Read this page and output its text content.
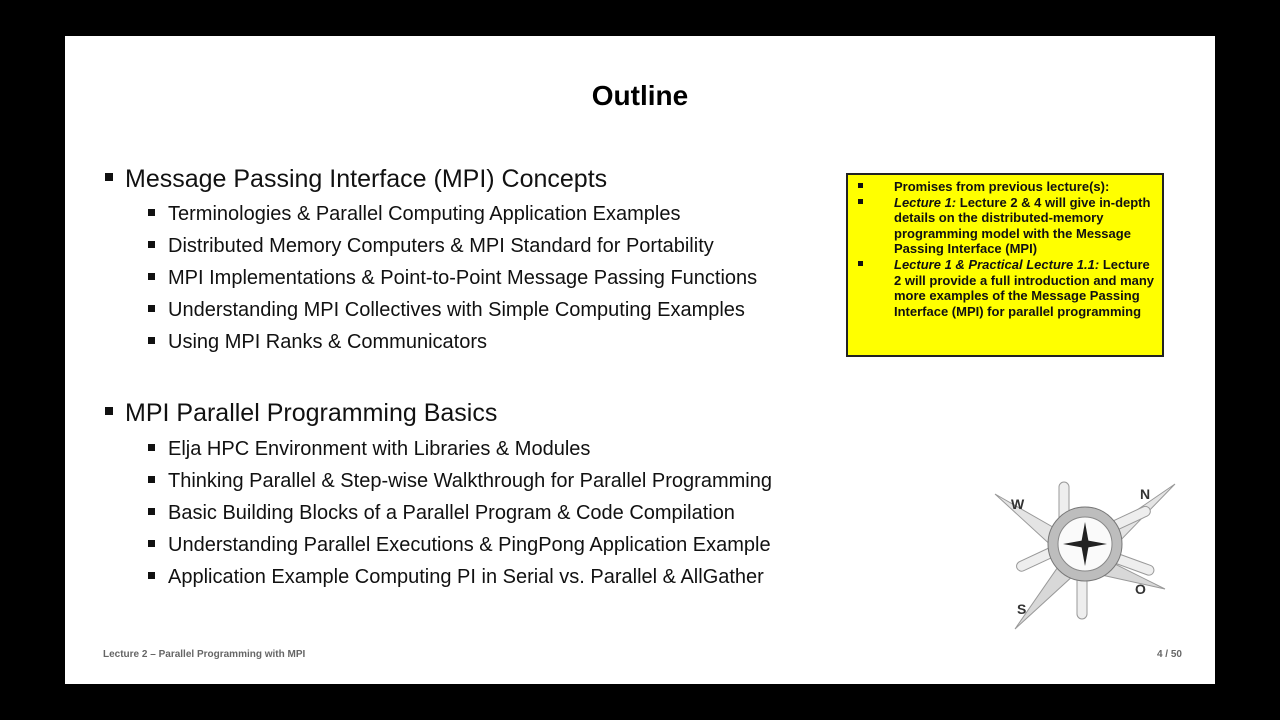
Outline
Message Passing Interface (MPI) Concepts
Terminologies & Parallel Computing Application Examples
Distributed Memory Computers & MPI Standard for Portability
MPI Implementations & Point-to-Point Message Passing Functions
Understanding MPI Collectives with Simple Computing Examples
Using MPI Ranks & Communicators
MPI Parallel Programming Basics
Elja HPC Environment with Libraries & Modules
Thinking Parallel & Step-wise Walkthrough for Parallel Programming
Basic Building Blocks of a Parallel Program & Code Compilation
Understanding Parallel Executions & PingPong Application Example
Application Example Computing PI in Serial vs. Parallel & AllGather
Promises from previous lecture(s):
Lecture 1: Lecture 2 & 4 will give in-depth details on the distributed-memory programming model with the Message Passing Interface (MPI)
Lecture 1 & Practical Lecture 1.1: Lecture 2 will provide a full introduction and many more examples of the Message Passing Interface (MPI) for parallel programming
W
N
O
S
Lecture 2 – Parallel Programming with MPI	4 / 50
